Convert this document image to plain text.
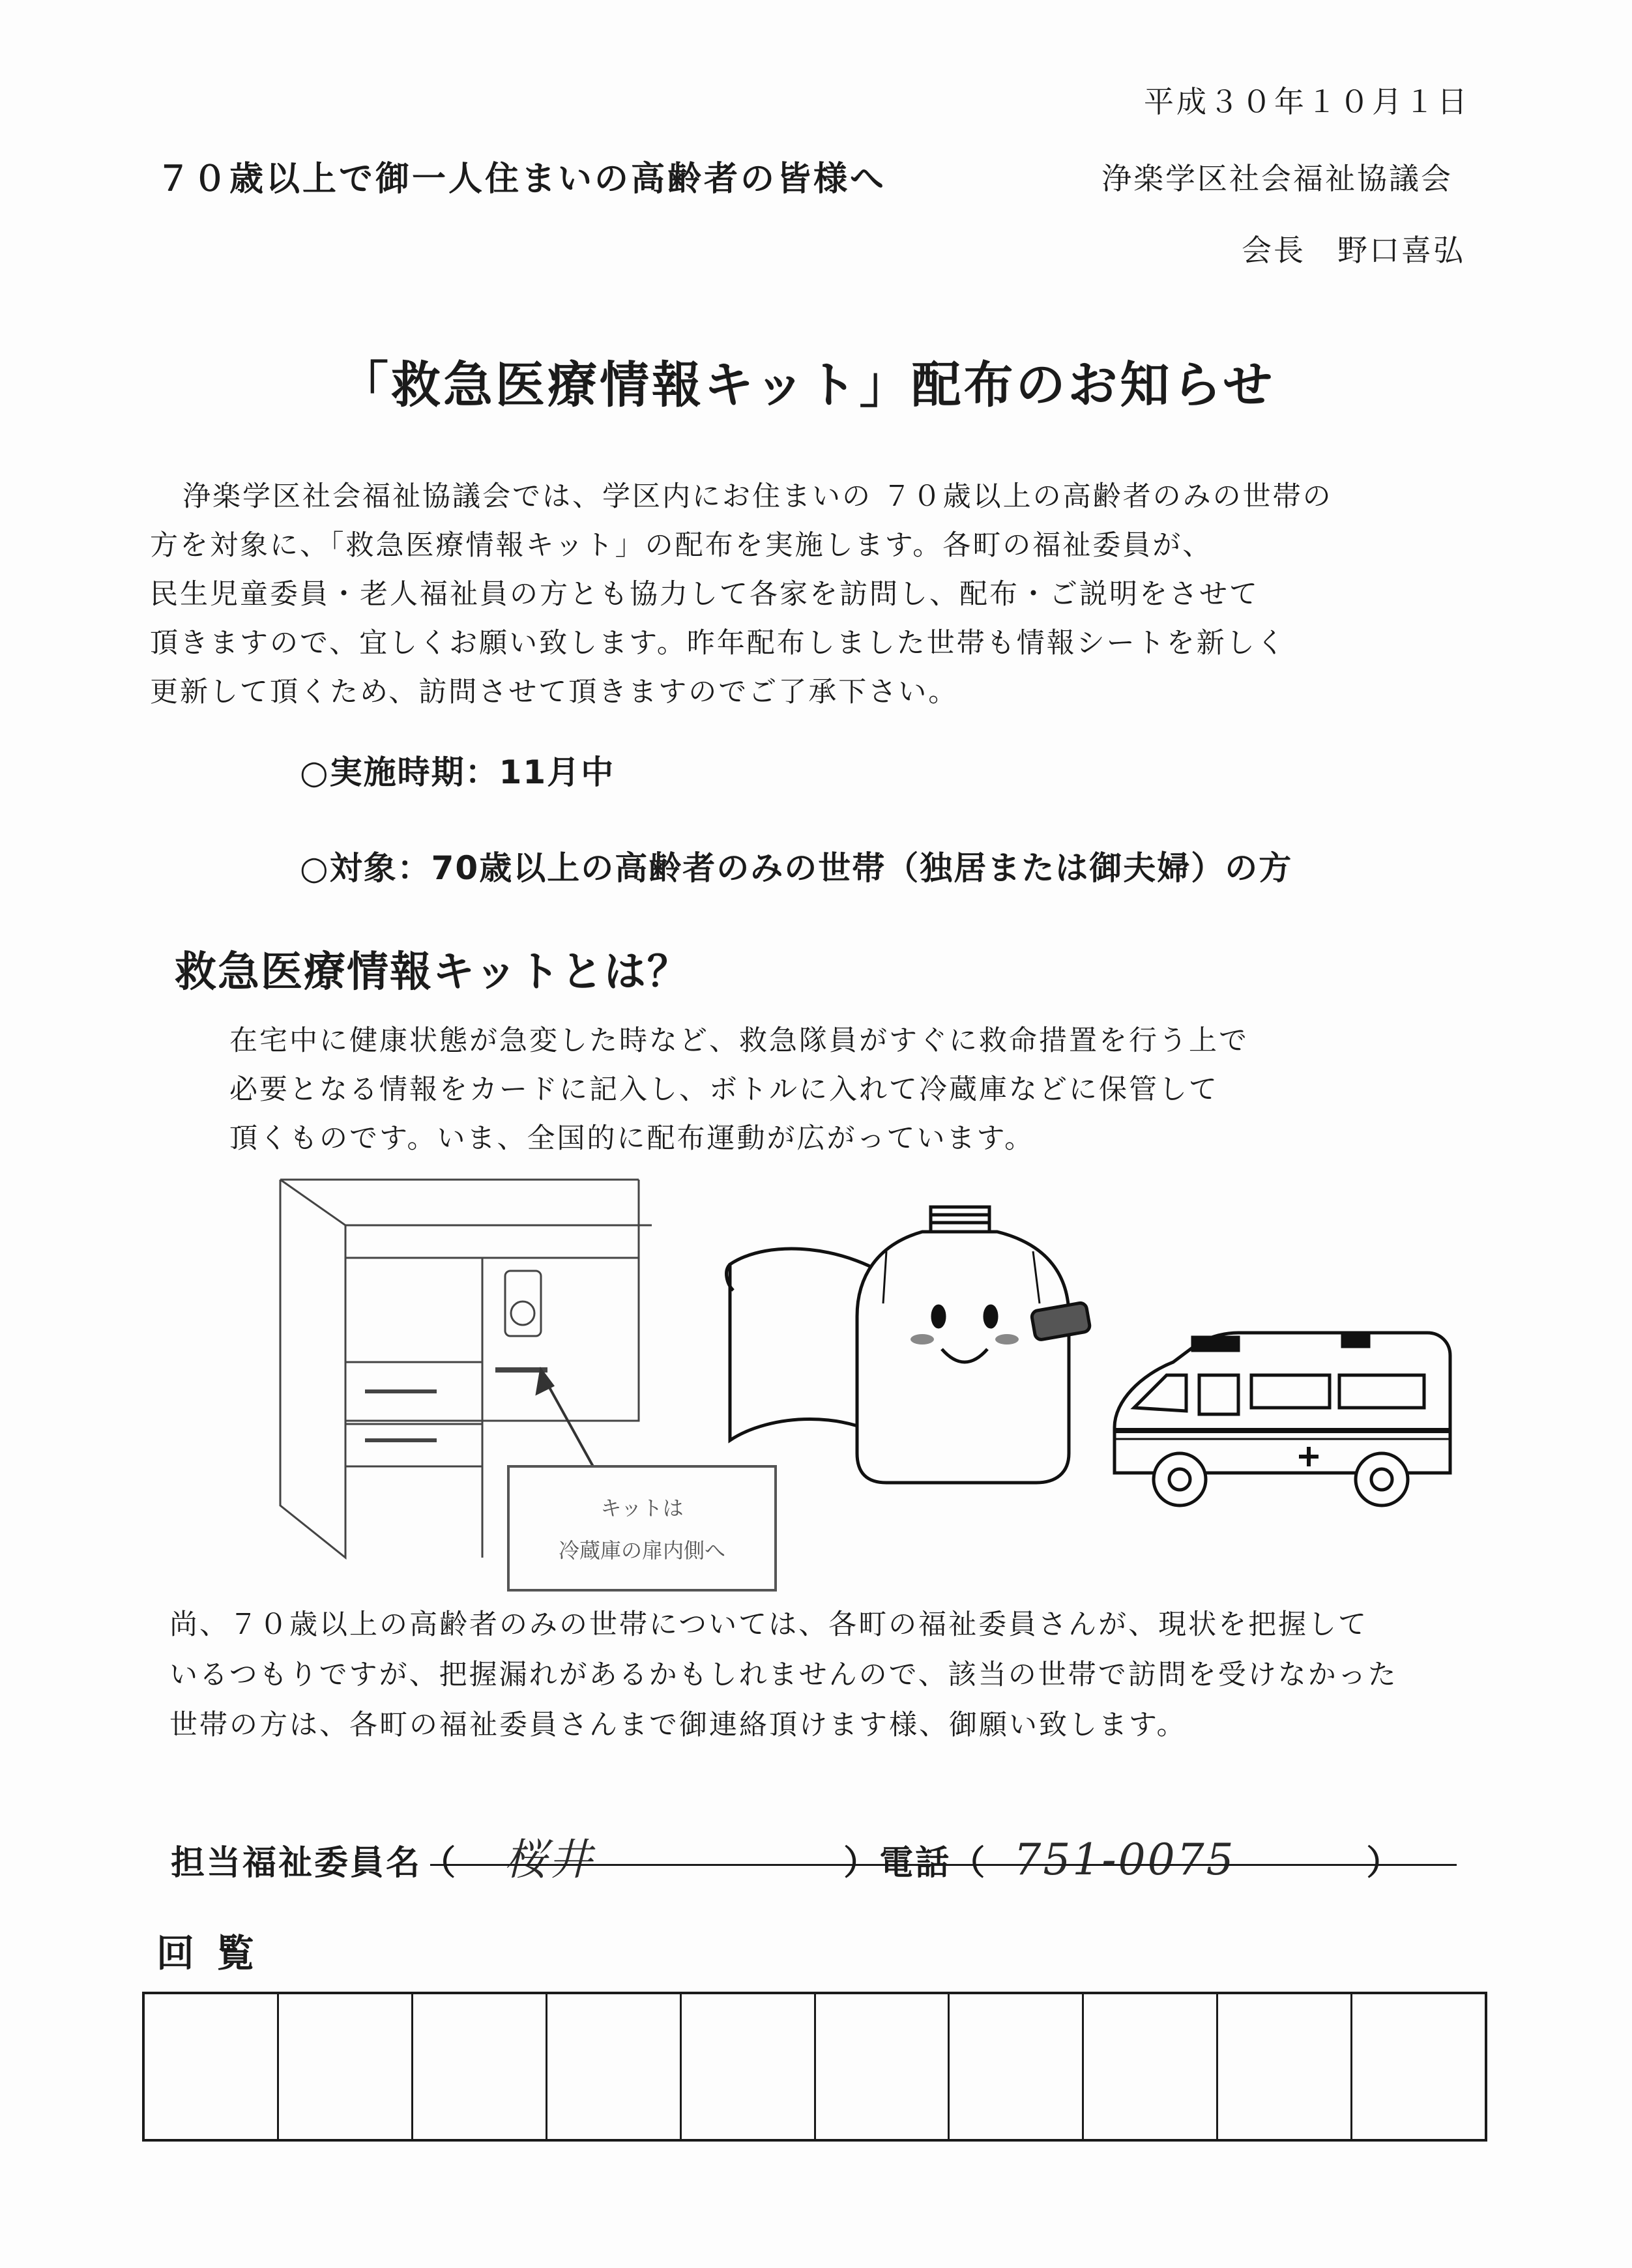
平成３０年１０月１日
７０歳以上で御一人住まいの高齢者の皆様へ	浄楽学区社会福祉協議会
会長　野口喜弘
「救急医療情報キット」配布のお知らせ
浄楽学区社会福祉協議会では、学区内にお住まいの ７０歳以上の高齢者のみの世帯の
方を対象に、「救急医療情報キット」の配布を実施します。各町の福祉委員が、
民生児童委員・老人福祉員の方とも協力して各家を訪問し、配布・ご説明をさせて
頂きますので、宜しくお願い致します。昨年配布しました世帯も情報シートを新しく
更新して頂くため、訪問させて頂きますのでご了承下さい。
○実施時期：11月中
○対象：70歳以上の高齢者のみの世帯（独居または御夫婦）の方
救急医療情報キットとは？
在宅中に健康状態が急変した時など、救急隊員がすぐに救命措置を行う上で
必要となる情報をカードに記入し、ボトルに入れて冷蔵庫などに保管して
頂くものです。いま、全国的に配布運動が広がっています。
キットは
冷蔵庫の扉内側へ
尚、７０歳以上の高齢者のみの世帯については、各町の福祉委員さんが、現状を把握して
いるつもりですが、把握漏れがあるかもしれませんので、該当の世帯で訪問を受けなかった
世帯の方は、各町の福祉委員さんまで御連絡頂けます様、御願い致します。
担当福祉委員名（ 桜井	）電話（ 751-0075	）
回覧
